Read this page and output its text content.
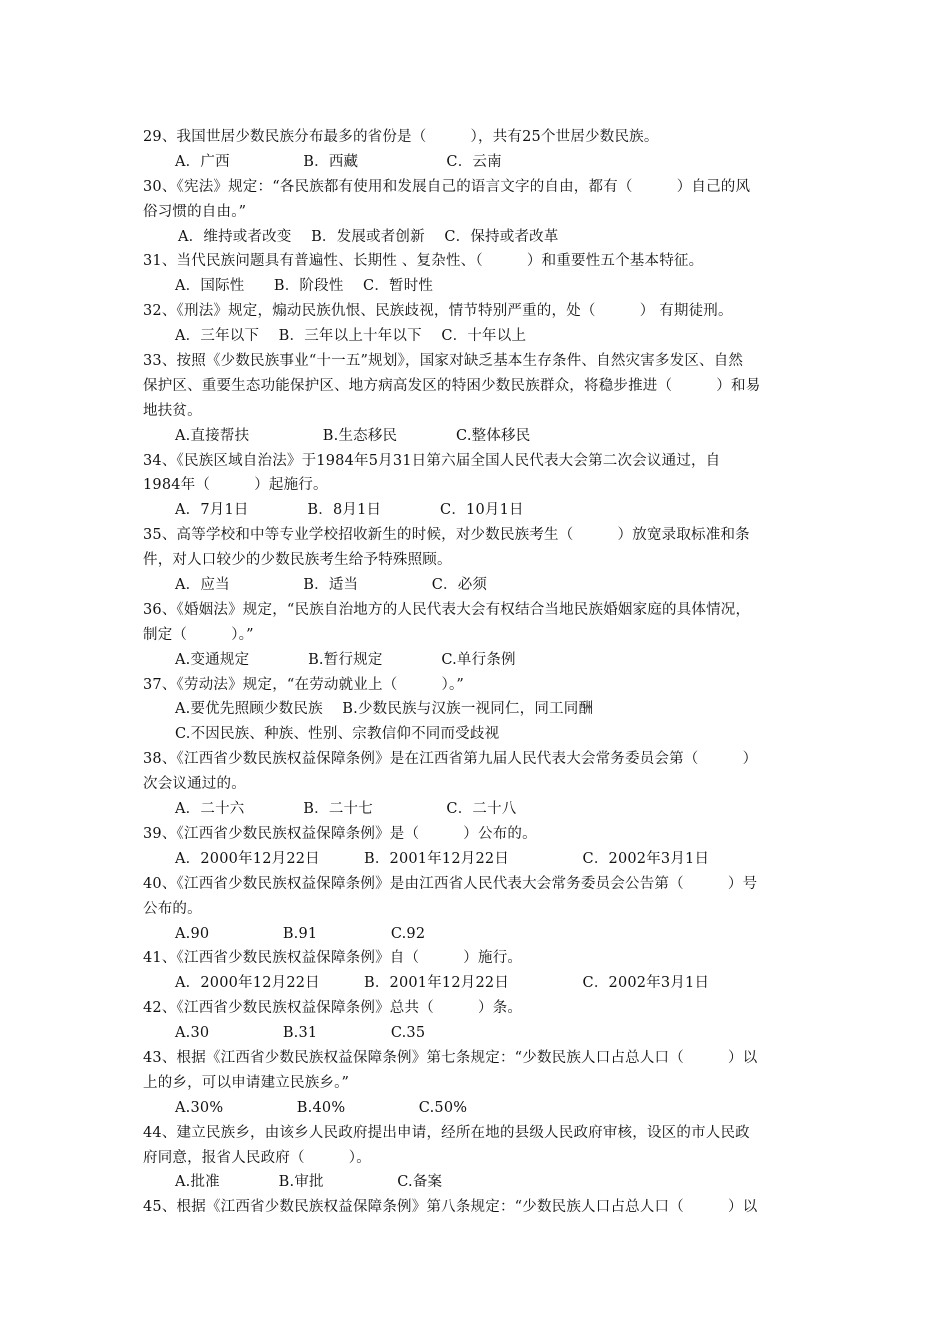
29、我国世居少数民族分布最多的省份是（　　　），共有25个世居少数民族。
A．广西　　　　　B．西藏　　　　　　C．云南
30、《宪法》规定：“各民族都有使用和发展自己的语言文字的自由，都有（　　　）自己的风
俗习惯的自由。”
A．维持或者改变　 B．发展或者创新　 C．保持或者改革
31、当代民族问题具有普遍性、长期性 、复杂性、（　　　）和重要性五个基本特征。
A．国际性　　B．阶段性　 C．暂时性
32、《刑法》规定，煽动民族仇恨、民族歧视，情节特别严重的，处（　　　） 有期徒刑。
A．三年以下　 B．三年以上十年以下　 C．十年以上
33、按照《少数民族事业“十一五”规划》，国家对缺乏基本生存条件、自然灾害多发区、自然
保护区、重要生态功能保护区、地方病高发区的特困少数民族群众，将稳步推进（　　　）和易
地扶贫。
A.直接帮扶　　　　　B.生态移民　　　　C.整体移民
34、《民族区域自治法》于1984年5月31日第六届全国人民代表大会第二次会议通过，自
1984年（　　　）起施行。
A．7月1日　　　　B．8月1日　　　　C．10月1日
35、高等学校和中等专业学校招收新生的时候，对少数民族考生（　　　）放宽录取标准和条
件，对人口较少的少数民族考生给予特殊照顾。
A．应当　　　　　B．适当　　　　　C．必须
36、《婚姻法》规定，“民族自治地方的人民代表大会有权结合当地民族婚姻家庭的具体情况，
制定（　　　）。”
A.变通规定　　　　B.暂行规定　　　　C.单行条例
37、《劳动法》规定，“在劳动就业上（　　　）。”
A.要优先照顾少数民族　 B.少数民族与汉族一视同仁，同工同酬
C.不因民族、种族、性别、宗教信仰不同而受歧视
38、《江西省少数民族权益保障条例》是在江西省第九届人民代表大会常务委员会第（　　　）
次会议通过的。
A．二十六　　　　B．二十七　　　　　C．二十八
39、《江西省少数民族权益保障条例》是（　　　）公布的。
A．2000年12月22日　　　B．2001年12月22日　　　　　C．2002年3月1日
40、《江西省少数民族权益保障条例》是由江西省人民代表大会常务委员会公告第（　　　）号
公布的。
A.90　　　　　B.91　　　　　C.92
41、《江西省少数民族权益保障条例》自（　　　）施行。
A．2000年12月22日　　　B．2001年12月22日　　　　　C．2002年3月1日
42、《江西省少数民族权益保障条例》总共（　　　）条。
A.30　　　　　B.31　　　　　C.35
43、根据《江西省少数民族权益保障条例》第七条规定：“少数民族人口占总人口（　　　）以
上的乡，可以申请建立民族乡。”
A.30%　　　　　B.40%　　　　　C.50%
44、建立民族乡，由该乡人民政府提出申请，经所在地的县级人民政府审核，设区的市人民政
府同意，报省人民政府（　　　）。
A.批准　　　　B.审批　　　　　C.备案
45、根据《江西省少数民族权益保障条例》第八条规定：“少数民族人口占总人口（　　　）以
